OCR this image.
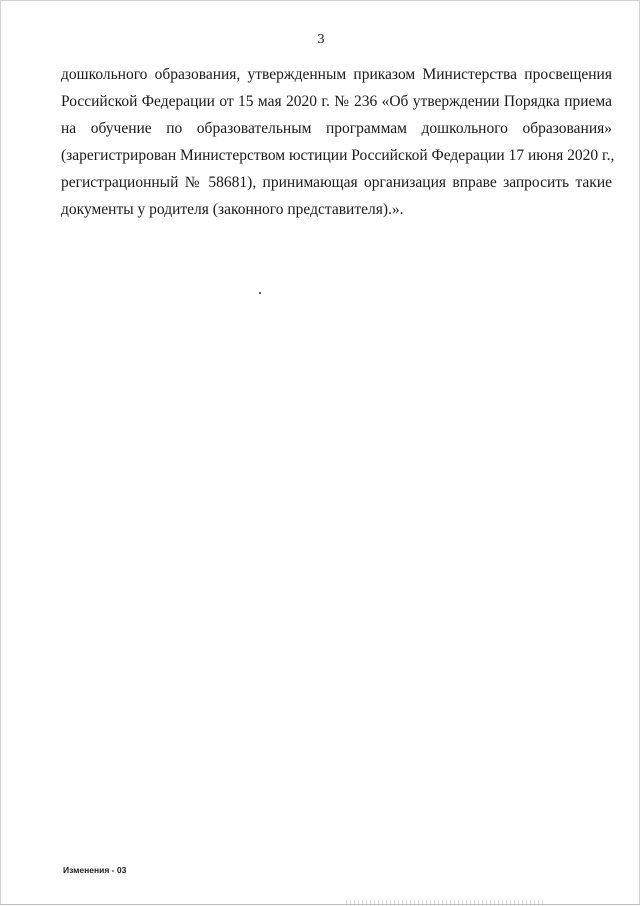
3
дошкольного образования, утвержденным приказом Министерства просвещения
Российской Федерации от 15 мая 2020 г. № 236 «Об утверждении Порядка приема
на обучение по образовательным программам дошкольного образования»
(зарегистрирован Министерством юстиции Российской Федерации 17 июня 2020 г.,
регистрационный № 58681), принимающая организация вправе запросить такие
документы у родителя (законного представителя).».
Изменения - 03
